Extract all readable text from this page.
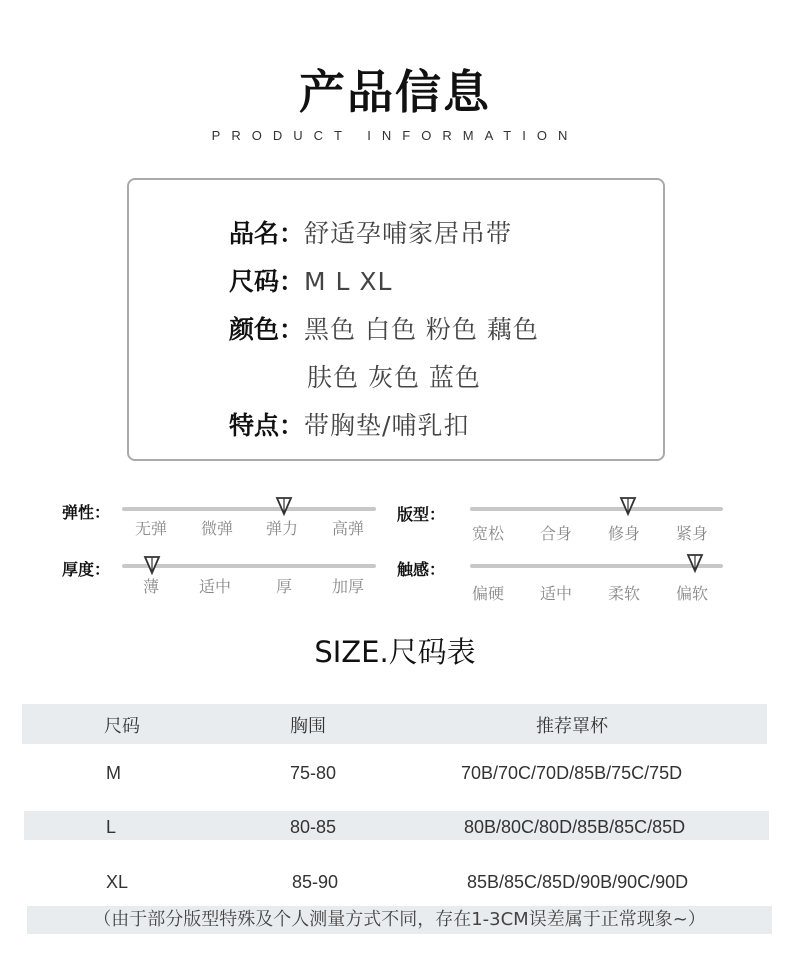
产品信息
PRODUCT INFORMATION
品名：舒适孕哺家居吊带
尺码：M L XL
颜色：黑色 白色 粉色 藕色
肤色 灰色 蓝色
特点：带胸垫/哺乳扣
弹性：
无弹	微弹	弹力	高弹
版型：
宽松	合身	修身	紧身
厚度：
薄	适中	厚	加厚
触感：
偏硬	适中	柔软	偏软
SIZE.尺码表
尺码	胸围	推荐罩杯
M	75-80	70B/70C/70D/85B/75C/75D
L	80-85	80B/80C/80D/85B/85C/85D
XL	85-90	85B/85C/85D/90B/90C/90D
（由于部分版型特殊及个人测量方式不同，存在1-3CM误差属于正常现象~）
